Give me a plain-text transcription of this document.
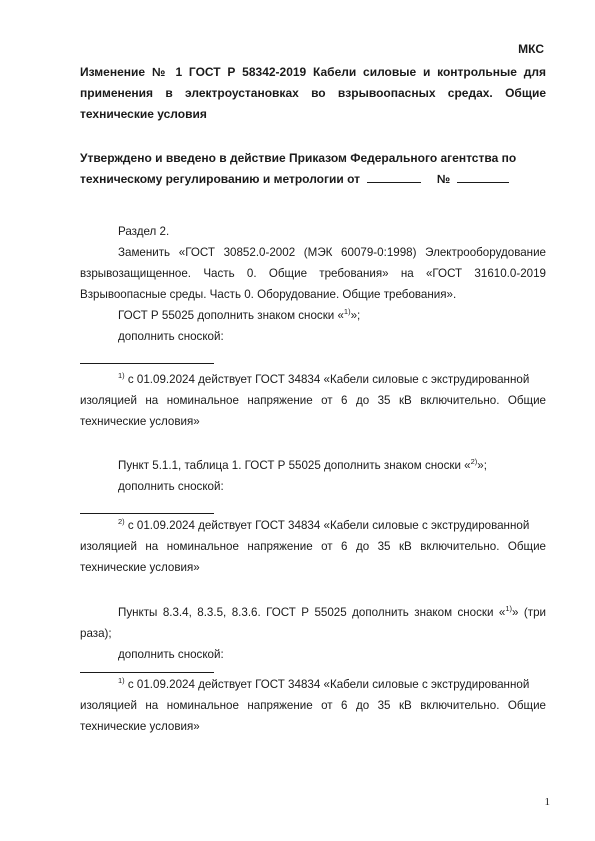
МКС
Изменение № 1 ГОСТ Р 58342-2019 Кабели силовые и контрольные для
применения в электроустановках во взрывоопасных средах. Общие
технические условия
Утверждено и введено в действие Приказом Федерального агентства по
техническому регулированию и метрологии от	№
Раздел 2.
Заменить «ГОСТ 30852.0-2002 (МЭК 60079-0:1998) Электрооборудование
взрывозащищенное. Часть 0. Общие требования» на «ГОСТ 31610.0-2019
Взрывоопасные среды. Часть 0. Оборудование. Общие требования».
ГОСТ Р 55025 дополнить знаком сноски «$^{1)}$»;
дополнить сноской:
$^{1)}$ с 01.09.2024 действует ГОСТ 34834 «Кабели силовые с экструдированной
изоляцией на номинальное напряжение от 6 до 35 кВ включительно. Общие
технические условия»
Пункт 5.1.1, таблица 1. ГОСТ Р 55025 дополнить знаком сноски «$^{2)}$»;
дополнить сноской:
$^{2)}$ с 01.09.2024 действует ГОСТ 34834 «Кабели силовые с экструдированной
изоляцией на номинальное напряжение от 6 до 35 кВ включительно. Общие
технические условия»
Пункты 8.3.4, 8.3.5, 8.3.6. ГОСТ Р 55025 дополнить знаком сноски «$^{1)}$» (три
раза);
дополнить сноской:
$^{1)}$ с 01.09.2024 действует ГОСТ 34834 «Кабели силовые с экструдированной
изоляцией на номинальное напряжение от 6 до 35 кВ включительно. Общие
технические условия»
1
